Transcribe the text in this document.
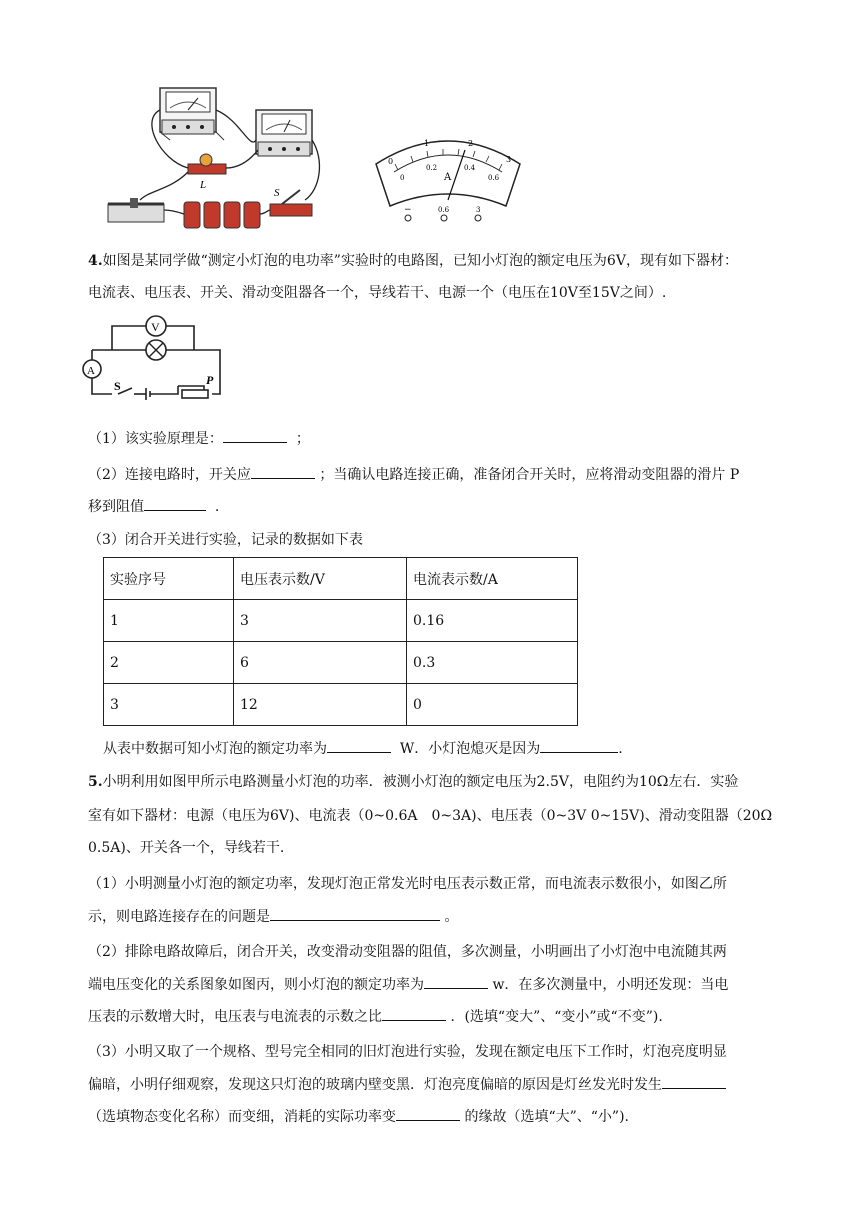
L
S
0
1	2
3
0
0.2	0.4
0.6
A
−	0.6	3
4.如图是某同学做“测定小灯泡的电功率”实验时的电路图，已知小灯泡的额定电压为6V，现有如下器材：
电流表、电压表、开关、滑动变阻器各一个，导线若干、电源一个（电压在10V至15V之间）.
V
A
S	P
（1）该实验原理是：	；
（2）连接电路时，开关应	；当确认电路连接正确，准备闭合开关时，应将滑动变阻器的滑片 P
移到阻值	.
（3）闭合开关进行实验，记录的数据如下表
实验序号	电压表示数/V	电流表示数/A
1	3	0.16
2	6	0.3
3	12	0
从表中数据可知小灯泡的额定功率为	W．小灯泡熄灭是因为	.
5.小明利用如图甲所示电路测量小灯泡的功率．被测小灯泡的额定电压为2.5V，电阻约为10Ω左右．实验
室有如下器材：电源（电压为6V)、电流表（0~0.6A　0~3A)、电压表（0~3V 0~15V)、滑动变阻器（20Ω
0.5A)、开关各一个，导线若干.
（1）小明测量小灯泡的额定功率，发现灯泡正常发光时电压表示数正常，而电流表示数很小，如图乙所
示，则电路连接存在的问题是	。
（2）排除电路故障后，闭合开关，改变滑动变阻器的阻值，多次测量，小明画出了小灯泡中电流随其两
端电压变化的关系图象如图丙，则小灯泡的额定功率为	w．在多次测量中，小明还发现：当电
压表的示数增大时，电压表与电流表的示数之比	．(选填“变大”、“变小”或“不变”).
（3）小明又取了一个规格、型号完全相同的旧灯泡进行实验，发现在额定电压下工作时，灯泡亮度明显
偏暗，小明仔细观察，发现这只灯泡的玻璃内壁变黑．灯泡亮度偏暗的原因是灯丝发光时发生
（选填物态变化名称）而变细，消耗的实际功率变	的缘故（选填“大”、“小”).
